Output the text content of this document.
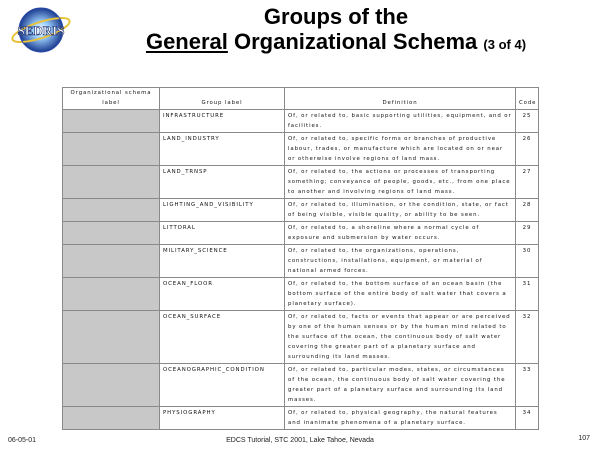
SEDRIS
Groups of the
General Organizational Schema (3 of 4)
Organizational schema label	Group label	Definition	Code
	INFRASTRUCTURE	Of, or related to, basic supporting utilities, equipment, and or facilities.	25
	LAND_INDUSTRY	Of, or related to, specific forms or branches of productive labour, trades, or manufacture which are located on or near or otherwise involve regions of land mass.	26
	LAND_TRNSP	Of, or related to, the actions or processes of transporting something; conveyance of people, goods, etc., from one place to another and involving regions of land mass.	27
	LIGHTING_AND_VISIBILITY	Of, or related to, illumination, or the condition, state, or fact of being visible, visible quality, or ability to be seen.	28
	LITTORAL	Of, or related to, a shoreline where a normal cycle of exposure and submersion by water occurs.	29
	MILITARY_SCIENCE	Of, or related to, the organizations, operations, constructions, installations, equipment, or material of national armed forces.	30
	OCEAN_FLOOR	Of, or related to, the bottom surface of an ocean basin (the bottom surface of the entire body of salt water that covers a planetary surface).	31
	OCEAN_SURFACE	Of, or related to, facts or events that appear or are perceived by one of the human senses or by the human mind related to the surface of the ocean, the continuous body of salt water covering the greater part of a planetary surface and surrounding its land masses.	32
	OCEANOGRAPHIC_CONDITION	Of, or related to, particular modes, states, or circumstances of the ocean, the continuous body of salt water covering the greater part of a planetary surface and surrounding its land masses.	33
	PHYSIOGRAPHY	Of, or related to, physical geography, the natural features and inanimate phenomena of a planetary surface.	34
06-05-01	EDCS Tutorial, STC 2001, Lake Tahoe, Nevada	107
